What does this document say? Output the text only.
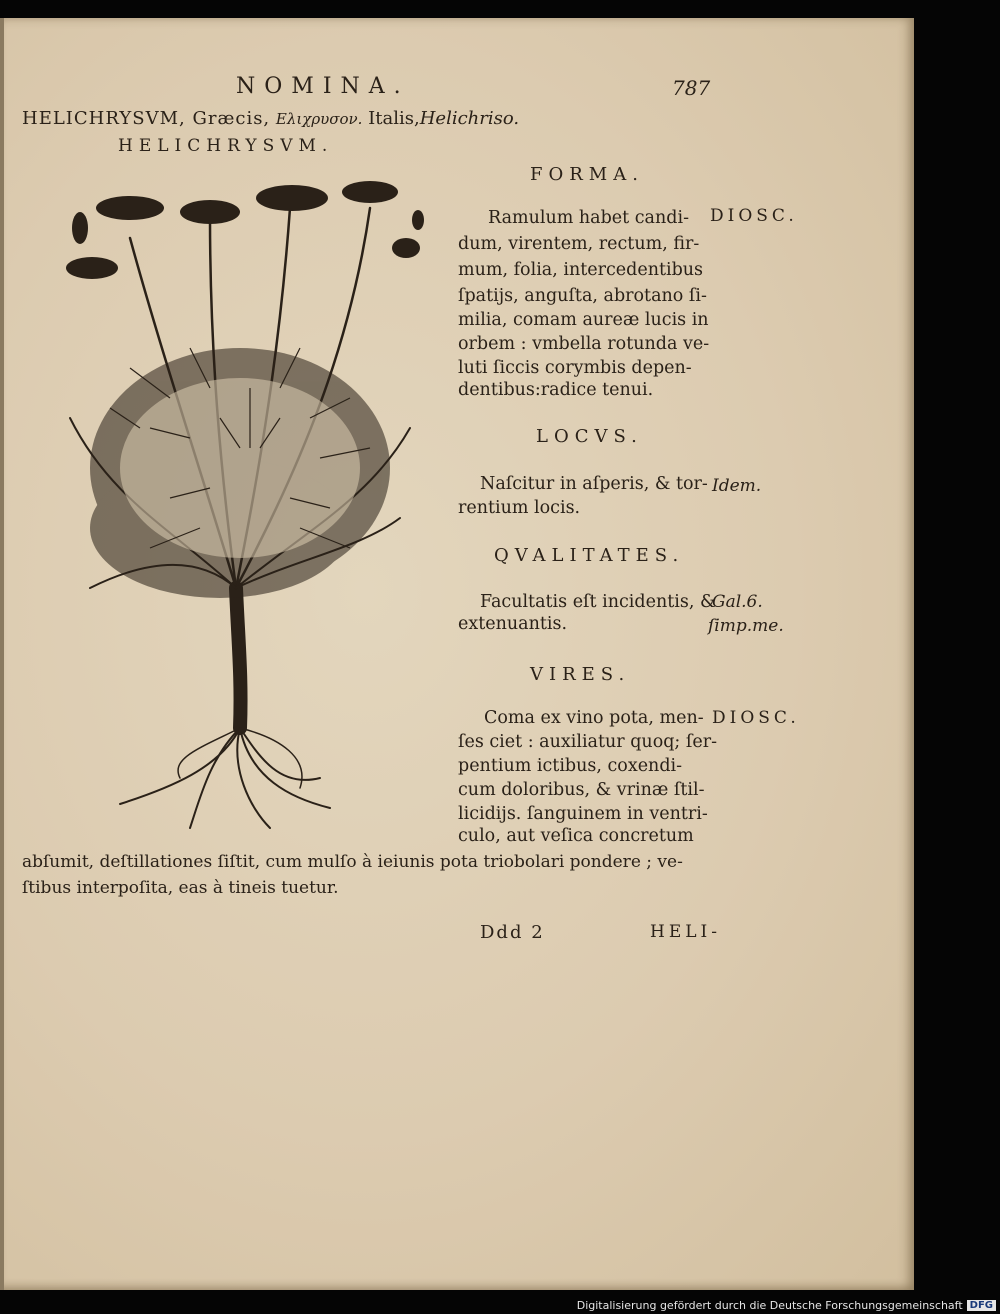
NOMINA.	787
HELICHRYSVM, Græcis, Ελιχρυσον. Italis,Helichriso.
HELICHRYSVM.
FORMA.
DIOSC.
Ramulum habet candi-
dum, virentem, rectum, fir-
mum, folia, intercedentibus
ſpatijs, anguſta, abrotano ſi-
milia, comam aureæ lucis in
orbem : vmbella rotunda ve-
luti ſiccis corymbis depen-
dentibus:radice tenui.
LOCVS.
Naſcitur in aſperis, & tor-
rentium locis.
Idem.
QVALITATES.
Facultatis eſt incidentis, &
extenuantis.
Gal.6.
ſimp.me.
VIRES.
DIOSC.
Coma ex vino pota, men-
ſes ciet : auxiliatur quoq; ſer-
pentium ictibus, coxendi-
cum doloribus, & vrinæ ſtil-
licidijs. ſanguinem in ventri-
culo, aut veſica concretum
abſumit, deſtillationes ſiſtit, cum mulſo à ieiunis pota triobolari pondere ; ve-
ſtibus interpoſita, eas à tineis tuetur.
Ddd 2	HELI-
Digitalisierung gefördert durch die Deutsche Forschungsgemeinschaft DFG
